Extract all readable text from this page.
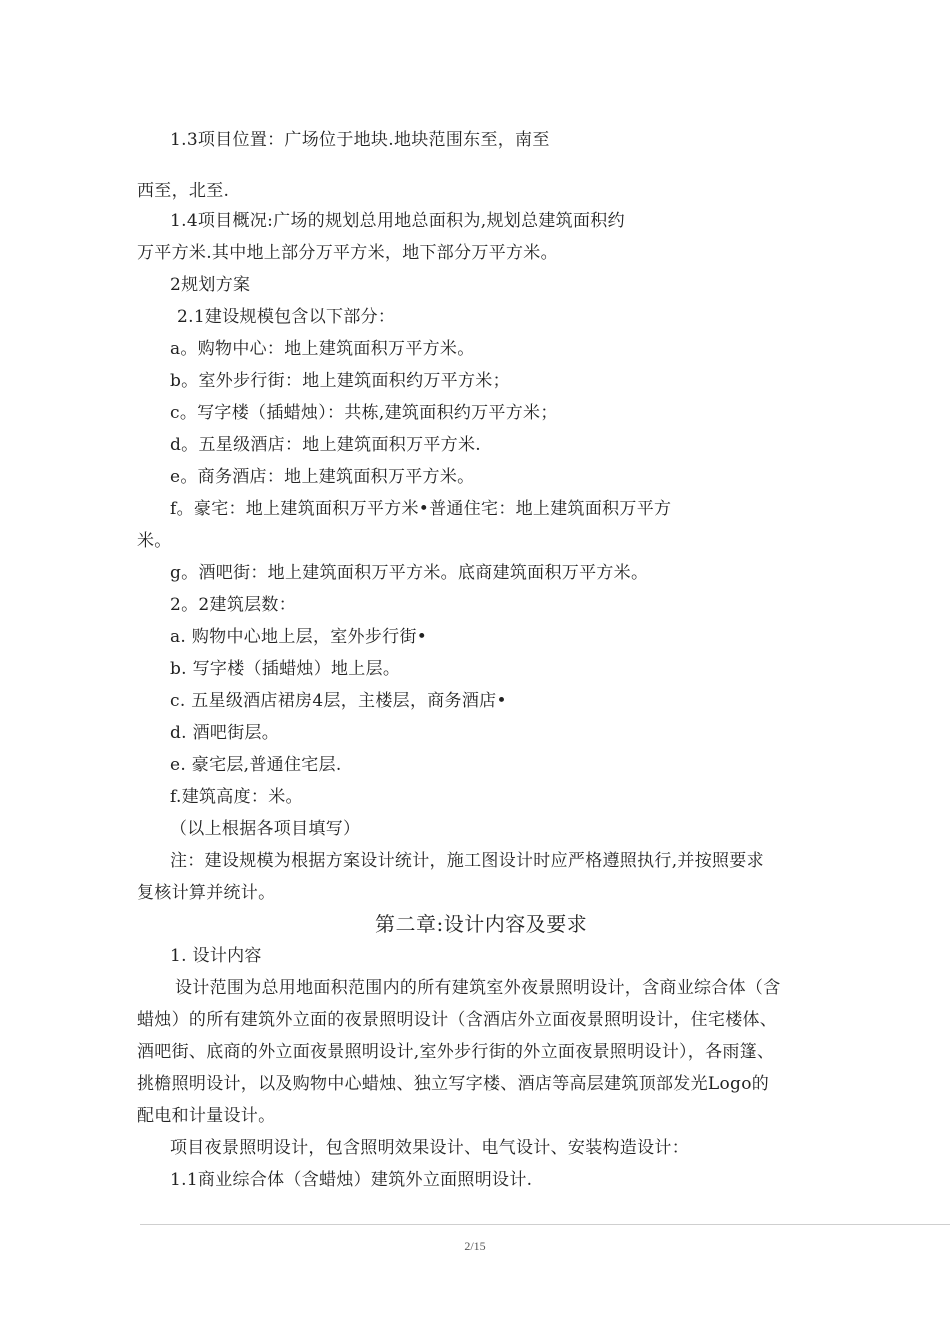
1.3项目位置：广场位于地块.地块范围东至，南至
西至，北至.
1.4项目概况:广场的规划总用地总面积为,规划总建筑面积约
万平方米.其中地上部分万平方米，地下部分万平方米。
2规划方案
2.1建设规模包含以下部分：
a。购物中心：地上建筑面积万平方米。
b。室外步行街：地上建筑面积约万平方米；
c。写字楼（插蜡烛）：共栋,建筑面积约万平方米；
d。五星级酒店：地上建筑面积万平方米.
e。商务酒店：地上建筑面积万平方米。
f。豪宅：地上建筑面积万平方米•普通住宅：地上建筑面积万平方
米。
g。酒吧街：地上建筑面积万平方米。底商建筑面积万平方米。
2。2建筑层数：
a. 购物中心地上层，室外步行街•
b. 写字楼（插蜡烛）地上层。
c. 五星级酒店裙房4层，主楼层，商务酒店•
d. 酒吧街层。
e. 豪宅层,普通住宅层.
f.建筑高度：米。
（以上根据各项目填写）
注：建设规模为根据方案设计统计，施工图设计时应严格遵照执行,并按照要求
复核计算并统计。
第二章:设计内容及要求
1. 设计内容
设计范围为总用地面积范围内的所有建筑室外夜景照明设计，含商业综合体（含
蜡烛）的所有建筑外立面的夜景照明设计（含酒店外立面夜景照明设计，住宅楼体、
酒吧街、底商的外立面夜景照明设计,室外步行街的外立面夜景照明设计），各雨篷、
挑檐照明设计，以及购物中心蜡烛、独立写字楼、酒店等高层建筑顶部发光Logo的
配电和计量设计。
项目夜景照明设计，包含照明效果设计、电气设计、安装构造设计：
1.1商业综合体（含蜡烛）建筑外立面照明设计.
2/15
